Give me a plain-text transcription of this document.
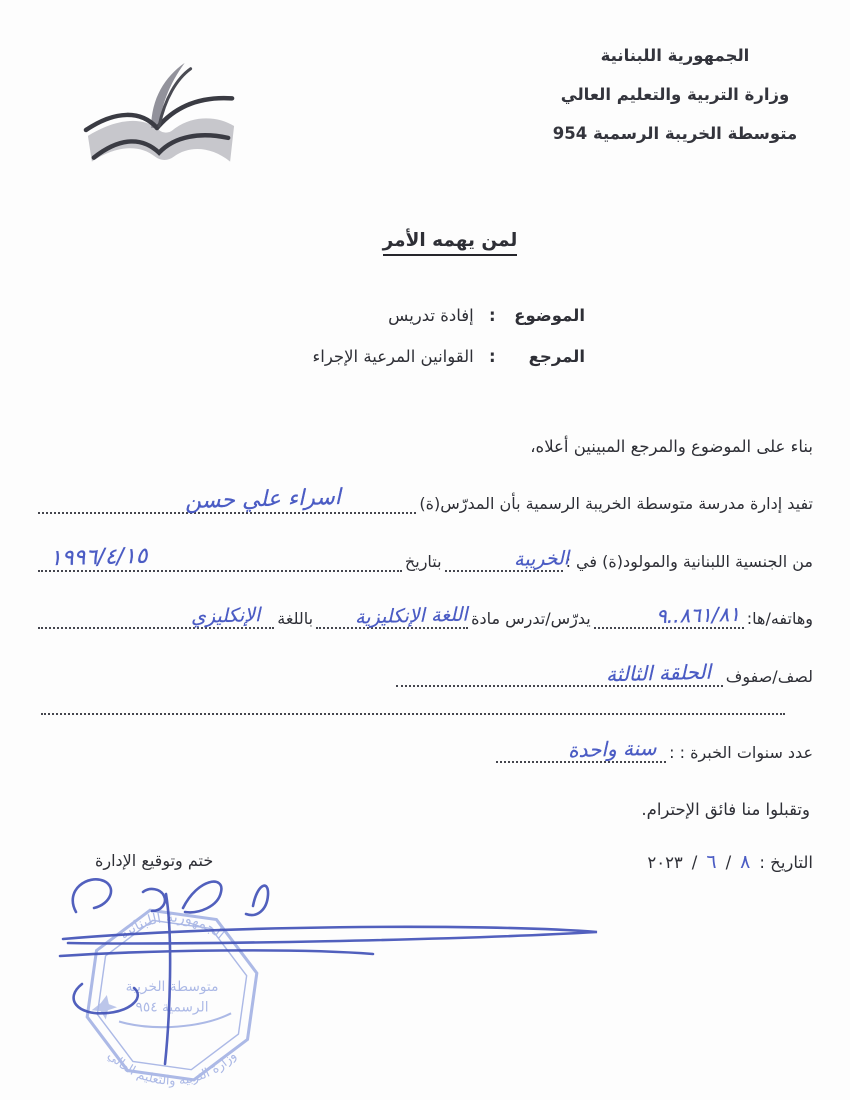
الجمهورية اللبنانية
وزارة التربية والتعليم العالي
متوسطة الخريبة الرسمية 954
لمن يهمه الأمر
الموضوع
:
إفادة تدريس
المرجع
:
القوانين المرعية الإجراء
بناء على الموضوع والمرجع المبينين أعلاه،
تفيد إدارة مدرسة متوسطة الخريبة الرسمية بأن المدرّس(ة)
اسراء علي حسن
من الجنسية اللبنانية والمولود(ة) في :
الخريبة
بتاريخ
١٩٩٦/٤/١٥
وهاتفه/ها:
٩..٨٦١/٨١
يدرّس/تدرس مادة
اللغة الإنكليزية
باللغة
الإنكليزي
لصف/صفوف
الحلقة الثالثة
عدد سنوات الخبرة : :
سنة واحدة
وتقبلوا منا فائق الإحترام.
التاريخ :
٨
/
٦
/
٢٠٢٣
ختم وتوقيع الإدارة
الجمهورية اللبنانية
وزارة التربية والتعليم العالي
متوسطة الخريبة
الرسمية ٩٥٤
